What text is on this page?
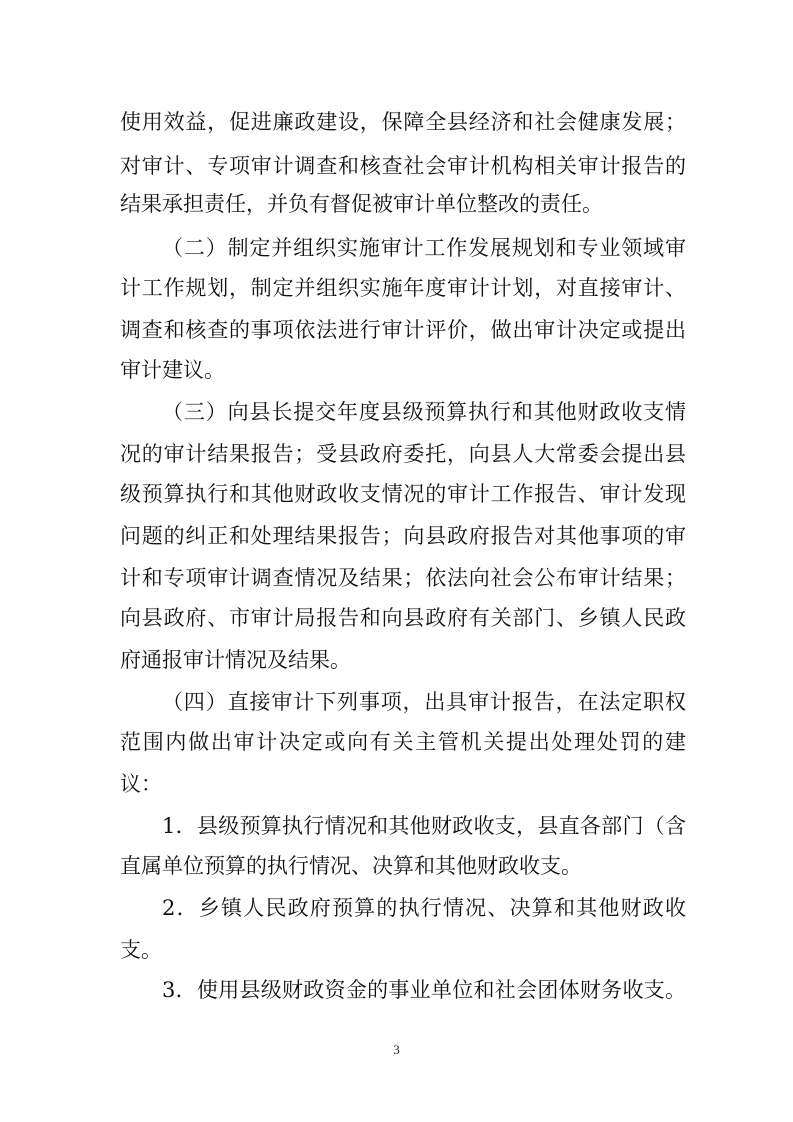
使用效益，促进廉政建设，保障全县经济和社会健康发展；
对审计、专项审计调查和核查社会审计机构相关审计报告的
结果承担责任，并负有督促被审计单位整改的责任。
（二）制定并组织实施审计工作发展规划和专业领域审
计工作规划，制定并组织实施年度审计计划，对直接审计、
调查和核查的事项依法进行审计评价，做出审计决定或提出
审计建议。
（三）向县长提交年度县级预算执行和其他财政收支情
况的审计结果报告；受县政府委托，向县人大常委会提出县
级预算执行和其他财政收支情况的审计工作报告、审计发现
问题的纠正和处理结果报告；向县政府报告对其他事项的审
计和专项审计调查情况及结果；依法向社会公布审计结果；
向县政府、市审计局报告和向县政府有关部门、乡镇人民政
府通报审计情况及结果。
（四）直接审计下列事项，出具审计报告，在法定职权
范围内做出审计决定或向有关主管机关提出处理处罚的建
议：
1．县级预算执行情况和其他财政收支，县直各部门（含
直属单位预算的执行情况、决算和其他财政收支。
2．乡镇人民政府预算的执行情况、决算和其他财政收
支。
3．使用县级财政资金的事业单位和社会团体财务收支。
3
